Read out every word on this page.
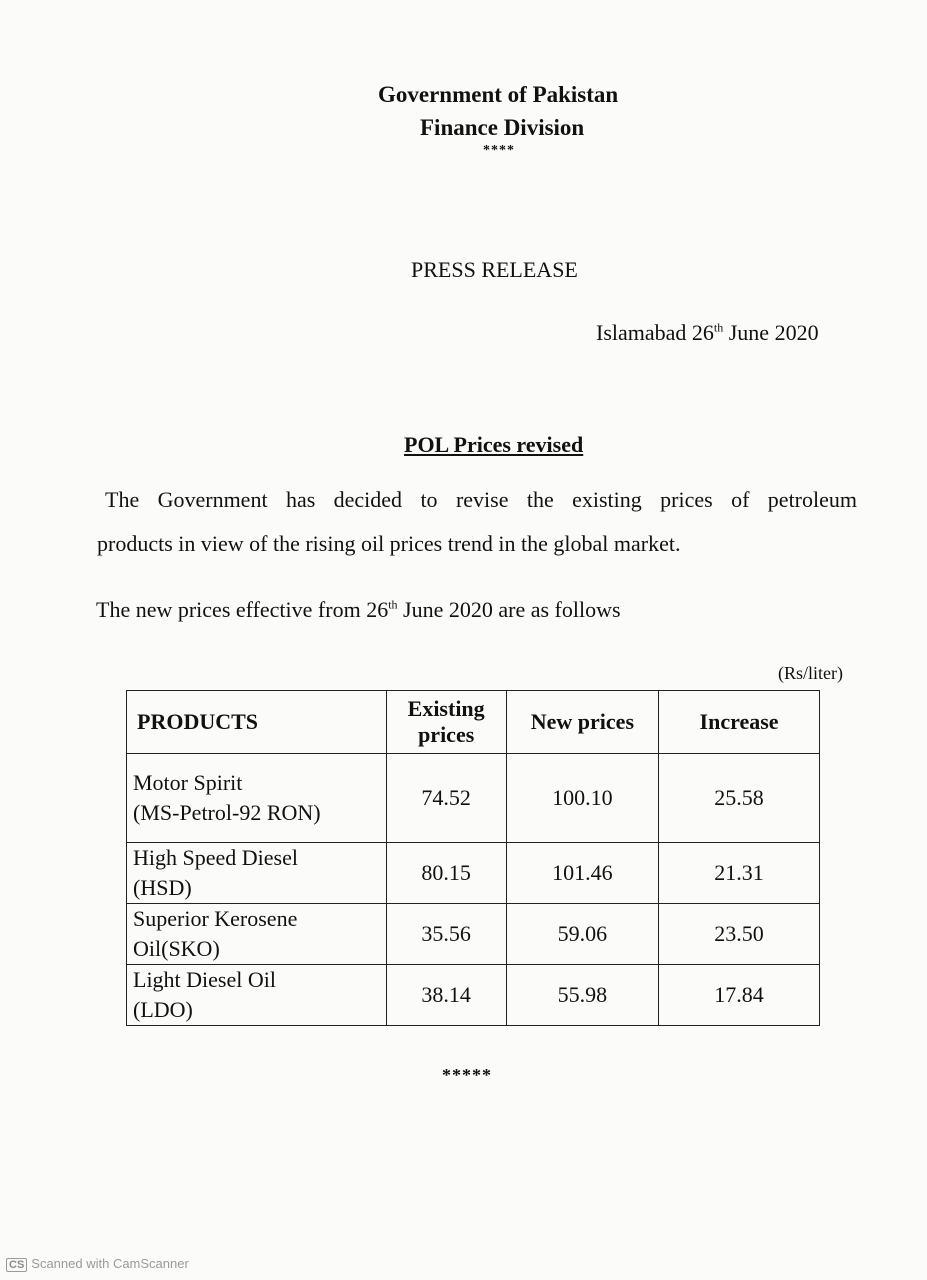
Government of Pakistan
Finance Division
****
PRESS RELEASE
Islamabad 26th June 2020
POL Prices revised
The Government has decided to revise the existing prices of petroleum
products in view of the rising oil prices trend in the global market.
The new prices effective from 26th June 2020 are as follows
(Rs/liter)
PRODUCTS	Existing prices	New prices	Increase
Motor Spirit
(MS-Petrol-92 RON)	74.52	100.10	25.58
High Speed Diesel
(HSD)	80.15	101.46	21.31
Superior Kerosene
Oil(SKO)	35.56	59.06	23.50
Light Diesel Oil
(LDO)	38.14	55.98	17.84
*****
CS Scanned with CamScanner
